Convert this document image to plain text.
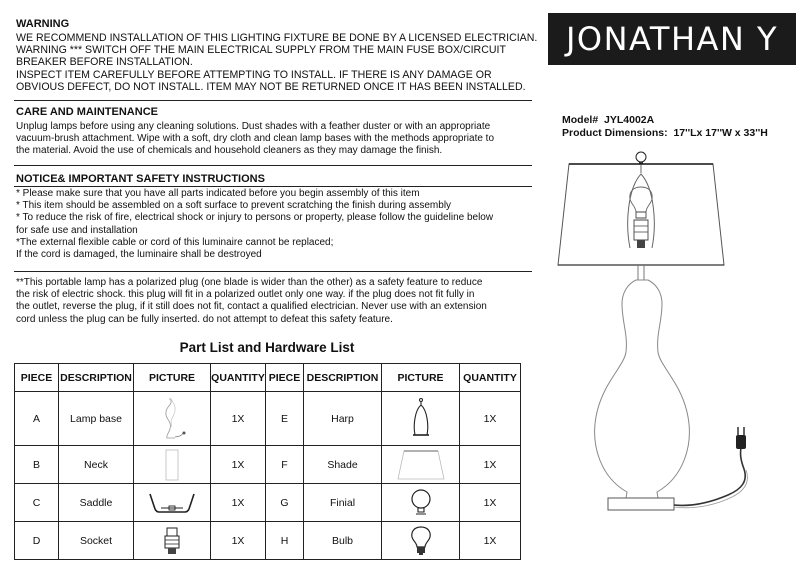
WARNING
WE RECOMMEND INSTALLATION OF THIS LIGHTING FIXTURE BE DONE BY A LICENSED ELECTRICIAN.
WARNING *** SWITCH OFF THE MAIN ELECTRICAL SUPPLY FROM THE MAIN FUSE BOX/CIRCUIT
BREAKER BEFORE INSTALLATION.
INSPECT ITEM CAREFULLY BEFORE ATTEMPTING TO INSTALL. IF THERE IS ANY DAMAGE OR
OBVIOUS DEFECT, DO NOT INSTALL. ITEM MAY NOT BE RETURNED ONCE IT HAS BEEN INSTALLED.
CARE AND MAINTENANCE
Unplug lamps before using any cleaning solutions. Dust shades with a feather duster or with an appropriate
vacuum-brush attachment. Wipe with a soft, dry cloth and clean lamp bases with the methods appropriate to
the material. Avoid the use of chemicals and household cleaners as they may damage the finish.
NOTICE& IMPORTANT SAFETY INSTRUCTIONS
* Please make sure that you have all parts indicated before you begin assembly of this item
* This item should be assembled on a soft surface to prevent scratching the finish during assembly
* To reduce the risk of fire, electrical shock or injury to persons or property, please follow the guideline below
for safe use and installation
*The external flexible cable or cord of this luminaire cannot be replaced;
If the cord is damaged, the luminaire shall be destroyed
**This portable lamp has a polarized plug (one blade is wider than the other) as a safety feature to reduce
the risk of electric shock. this plug will fit in a polarized outlet only one way. if the plug does not fit fully in
the outlet, reverse the plug, if it still does not fit, contact a qualified electrician. Never use with an extension
cord unless the plug can be fully inserted. do not attempt to defeat this safety feature.
Part List and Hardware List
PIECE	DESCRIPTION	PICTURE	QUANTITY	PIECE	DESCRIPTION	PICTURE	QUANTITY
A	Lamp base		1X	E	Harp		1X
B	Neck		1X	F	Shade		1X
C	Saddle		1X	G	Finial		1X
D	Socket		1X	H	Bulb		1X
JONATHAN Y
Model# JYL4002A
Product Dimensions: 17''Lx 17''W x 33''H
